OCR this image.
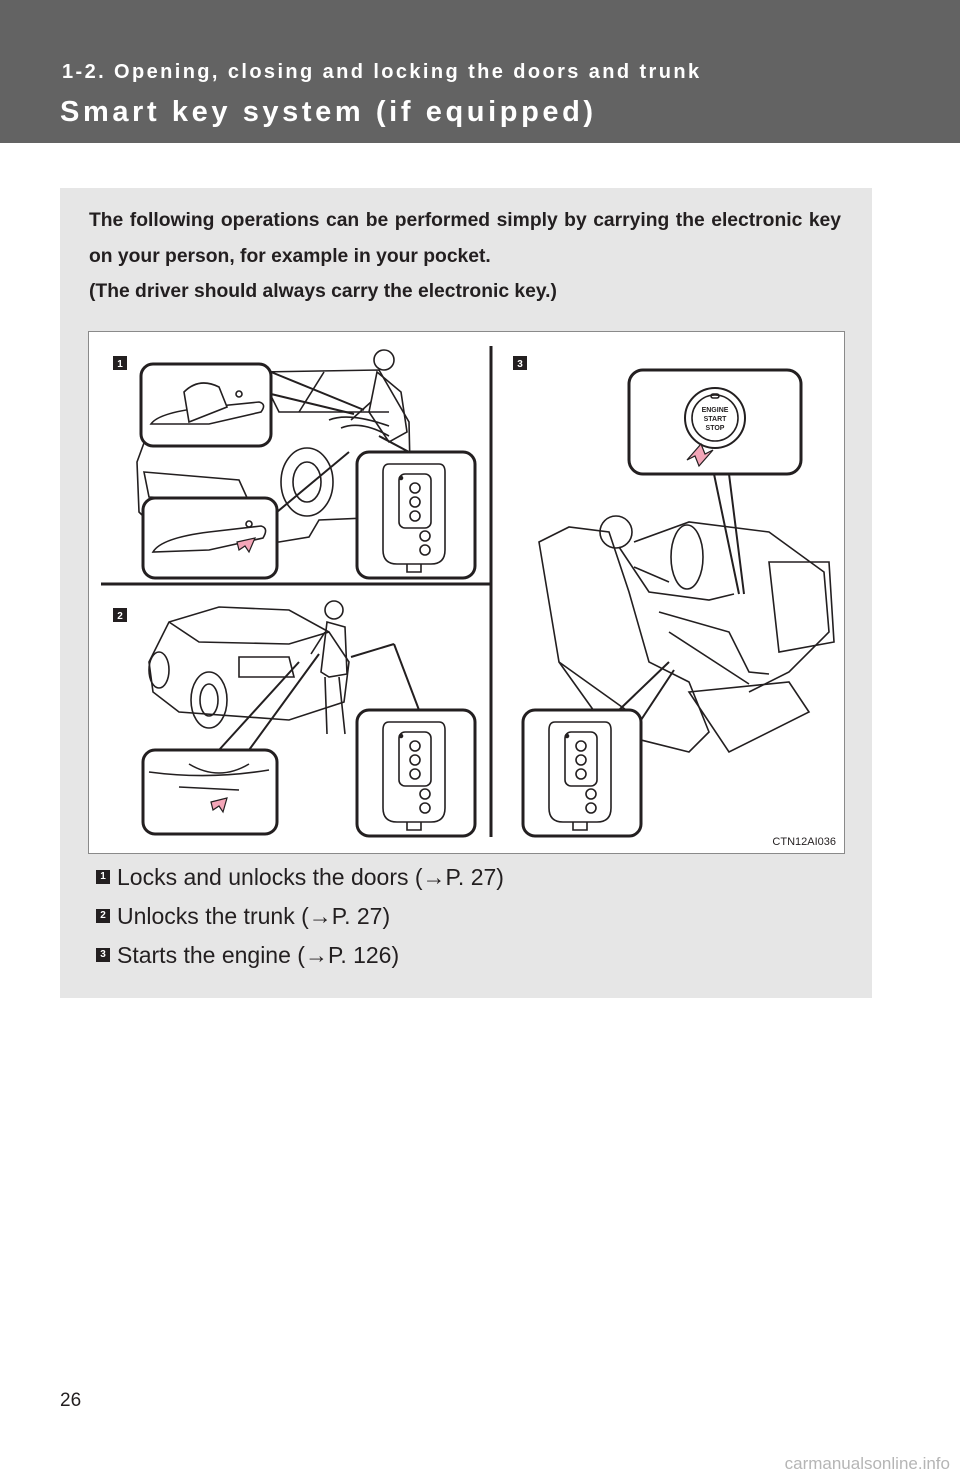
1-2. Opening, closing and locking the doors and trunk
Smart key system (if equipped)

The following operations can be performed simply by carrying the electronic key on your person, for example in your pocket.

(The driver should always carry the electronic key.)

1
2
3
ENGINE
START
STOP
CTN12AI036
1 Locks and unlocks the doors (→P. 27)
2 Unlocks the trunk (→P. 27)
3 Starts the engine (→P. 126)
26
carmanualsonline.info
